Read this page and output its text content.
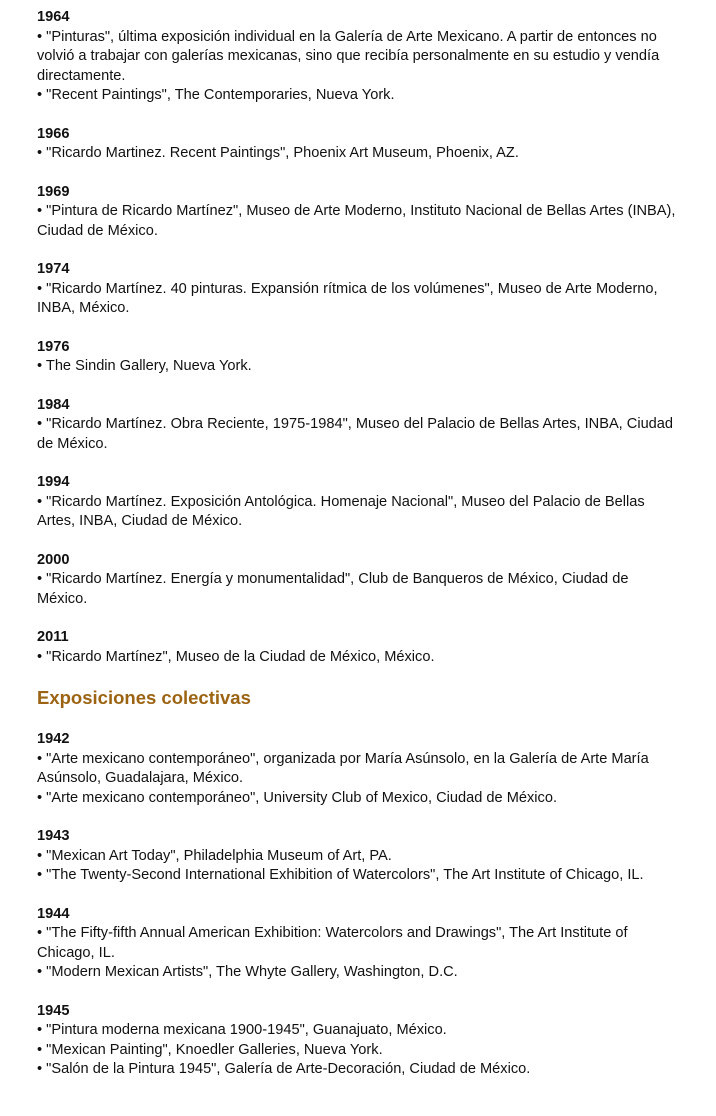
1964

• "Pinturas", última exposición individual en la Galería de Arte Mexicano. A partir de entonces no volvió a trabajar con galerías mexicanas, sino que recibía personalmente en su estudio y vendía directamente.

• "Recent Paintings", The Contemporaries, Nueva York.

1966

• "Ricardo Martinez. Recent Paintings", Phoenix Art Museum, Phoenix, AZ.

1969

• "Pintura de Ricardo Martínez", Museo de Arte Moderno, Instituto Nacional de Bellas Artes (INBA), Ciudad de México.

1974

• "Ricardo Martínez. 40 pinturas. Expansión rítmica de los volúmenes", Museo de Arte Moderno, INBA, México.

1976

• The Sindin Gallery, Nueva York.

1984

• "Ricardo Martínez. Obra Reciente, 1975-1984", Museo del Palacio de Bellas Artes, INBA, Ciudad de México.

1994

• "Ricardo Martínez. Exposición Antológica. Homenaje Nacional", Museo del Palacio de Bellas Artes, INBA, Ciudad de México.

2000

• "Ricardo Martínez. Energía y monumentalidad", Club de Banqueros de México, Ciudad de México.

2011

• "Ricardo Martínez", Museo de la Ciudad de México, México.

Exposiciones colectivas

1942

• "Arte mexicano contemporáneo", organizada por María Asúnsolo, en la Galería de Arte María Asúnsolo, Guadalajara, México.

• "Arte mexicano contemporáneo", University Club of Mexico, Ciudad de México.

1943

• "Mexican Art Today", Philadelphia Museum of Art, PA.

• "The Twenty-Second International Exhibition of Watercolors", The Art Institute of Chicago, IL.

1944

• "The Fifty-fifth Annual American Exhibition: Watercolors and Drawings", The Art Institute of Chicago, IL.

• "Modern Mexican Artists", The Whyte Gallery, Washington, D.C.

1945

• "Pintura moderna mexicana 1900-1945", Guanajuato, México.

• "Mexican Painting", Knoedler Galleries, Nueva York.

• "Salón de la Pintura 1945", Galería de Arte-Decoración, Ciudad de México.
